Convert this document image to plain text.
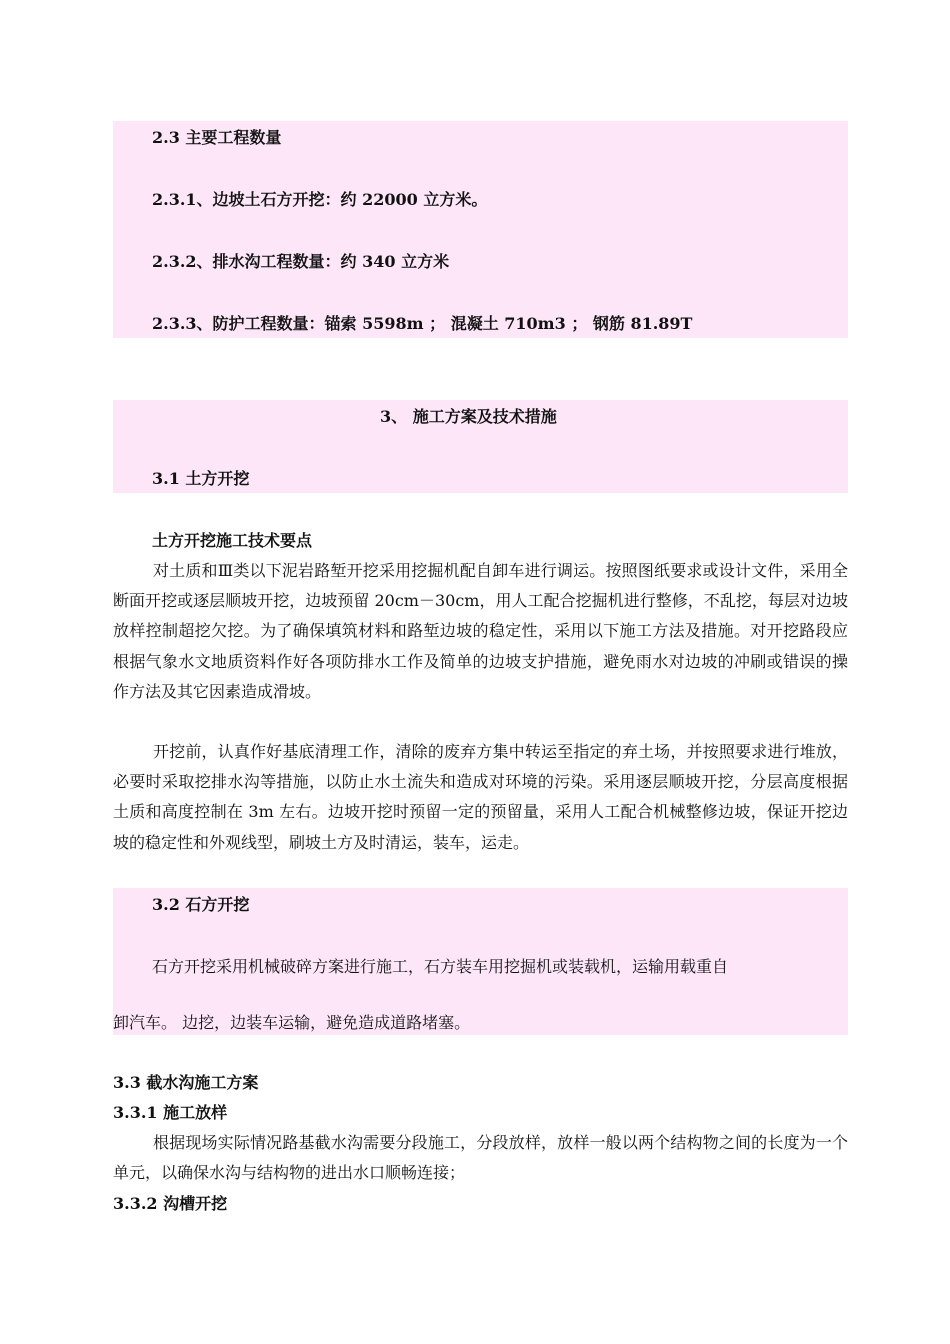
2.3 主要工程数量
2.3.1、边坡土石方开挖：约 22000 立方米。
2.3.2、排水沟工程数量：约 340 立方米
2.3.3、防护工程数量：锚索 5598m ； 混凝土 710m3 ； 钢筋 81.89T
3、 施工方案及技术措施
3.1 土方开挖
土方开挖施工技术要点

对土质和Ⅲ类以下泥岩路堑开挖采用挖掘机配自卸车进行调运。按照图纸要求或设计文件，采用全断面开挖或逐层顺坡开挖，边坡预留 20cm－30cm，用人工配合挖掘机进行整修，不乱挖，每层对边坡放样控制超挖欠挖。为了确保填筑材料和路堑边坡的稳定性，采用以下施工方法及措施。对开挖路段应根据气象水文地质资料作好各项防排水工作及简单的边坡支护措施，避免雨水对边坡的冲刷或错误的操作方法及其它因素造成滑坡。

开挖前，认真作好基底清理工作，清除的废弃方集中转运至指定的弃土场，并按照要求进行堆放，必要时采取挖排水沟等措施，以防止水土流失和造成对环境的污染。采用逐层顺坡开挖，分层高度根据土质和高度控制在 3m 左右。边坡开挖时预留一定的预留量，采用人工配合机械整修边坡，保证开挖边坡的稳定性和外观线型，刷坡土方及时清运，装车，运走。

3.2 石方开挖
石方开挖采用机械破碎方案进行施工，石方装车用挖掘机或装载机，运输用载重自
卸汽车。 边挖，边装车运输，避免造成道路堵塞。
3.3 截水沟施工方案
3.3.1 施工放样

根据现场实际情况路基截水沟需要分段施工，分段放样，放样一般以两个结构物之间的长度为一个单元，以确保水沟与结构物的进出水口顺畅连接；

3.3.2 沟槽开挖
